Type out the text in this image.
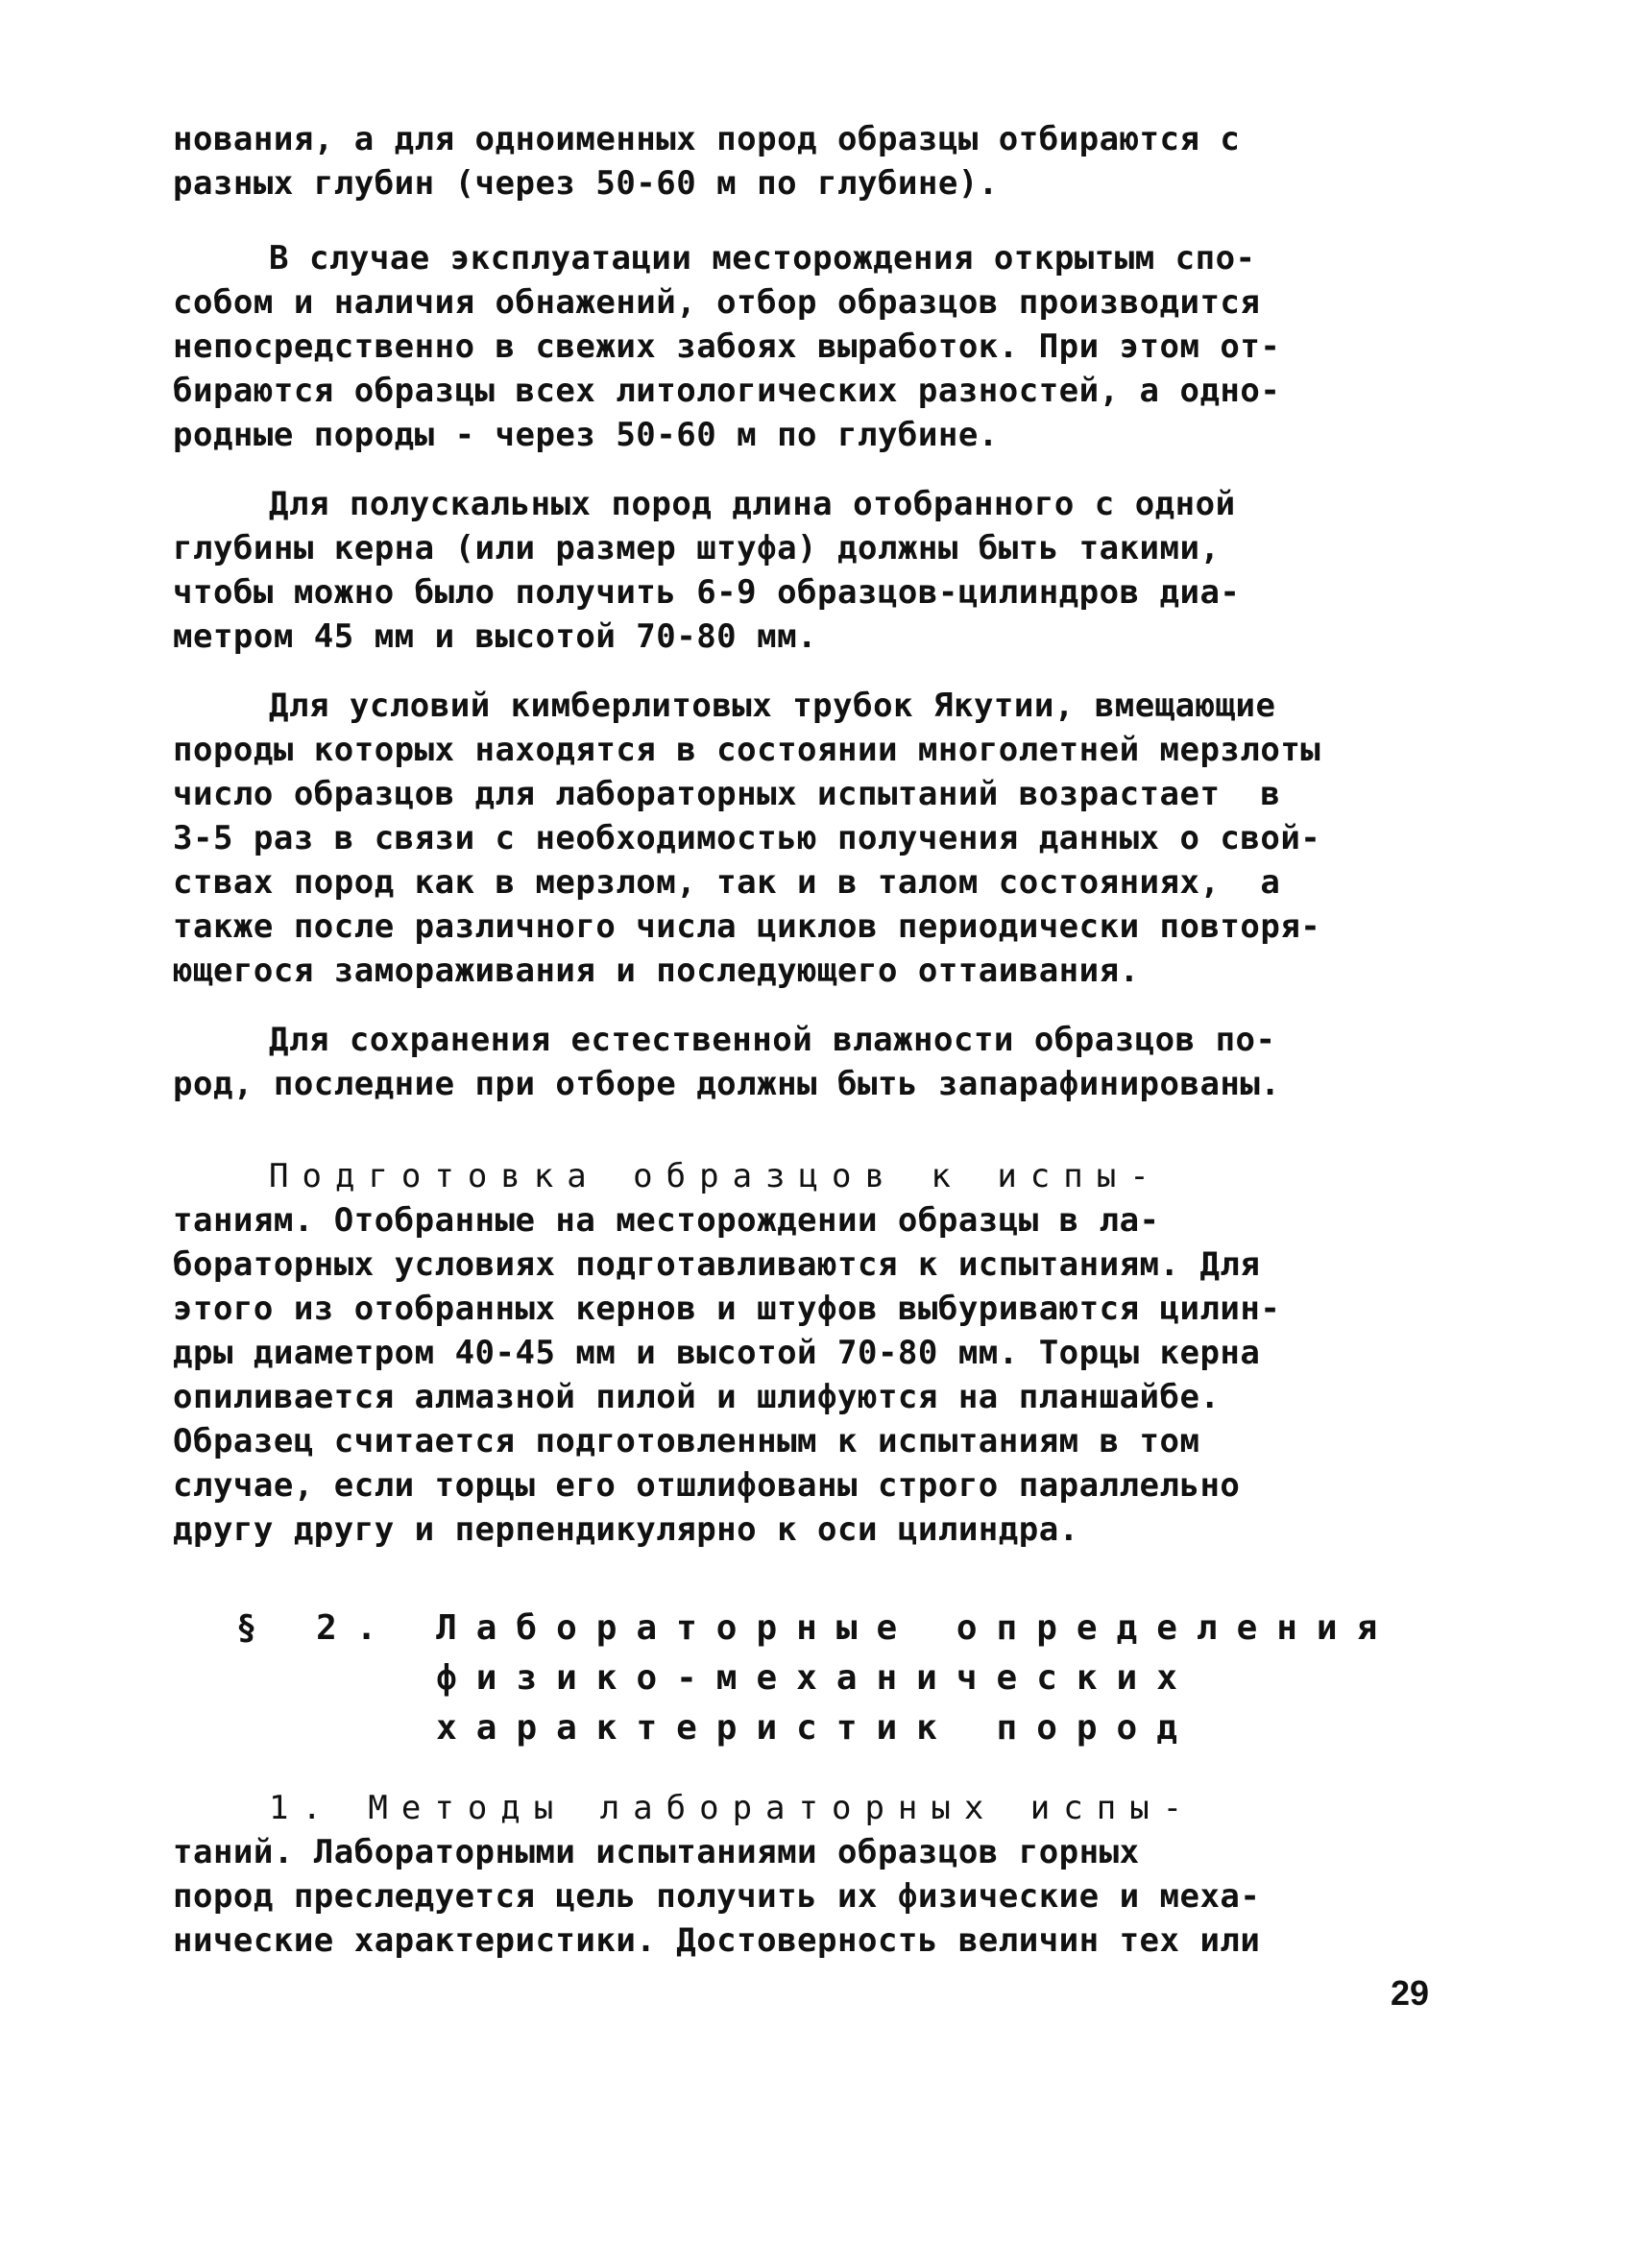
нования, а для одноименных пород образцы отбираются с
разных глубин (через 50-60 м по глубине).
В случае эксплуатации месторождения открытым спо-
собом и наличия обнажений, отбор образцов производится
непосредственно в свежих забоях выработок. При этом от-
бираются образцы всех литологических разностей, а одно-
родные породы - через 50-60 м по глубине.
Для полускальных пород длина отобранного с одной
глубины керна (или размер штуфа) должны быть такими,
чтобы можно было получить 6-9 образцов-цилиндров диа-
метром 45 мм и высотой 70-80 мм.
Для условий кимберлитовых трубок Якутии, вмещающие
породы которых находятся в состоянии многолетней мерзлоты
число образцов для лабораторных испытаний возрастает  в
3-5 раз в связи с необходимостью получения данных о свой-
ствах пород как в мерзлом, так и в талом состояниях,  а
также после различного числа циклов периодически повторя-
ющегося замораживания и последующего оттаивания.
Для сохранения естественной влажности образцов по-
род, последние при отборе должны быть запарафинированы.
Подготовка образцов к испы-
таниям. Отобранные на месторождении образцы в ла-
бораторных условиях подготавливаются к испытаниям. Для
этого из отобранных кернов и штуфов выбуриваются цилин-
дры диаметром 40-45 мм и высотой 70-80 мм. Торцы керна
опиливается алмазной пилой и шлифуются на планшайбе.
Образец считается подготовленным к испытаниям в том
случае, если торцы его отшлифованы строго параллельно
другу другу и перпендикулярно к оси цилиндра.
§ 2. Лабораторные определения
физико-механических
характеристик пород
1. Методы лабораторных испы-
таний. Лабораторными испытаниями образцов горных
пород преследуется цель получить их физические и меха-
нические характеристики. Достоверность величин тех или
29
